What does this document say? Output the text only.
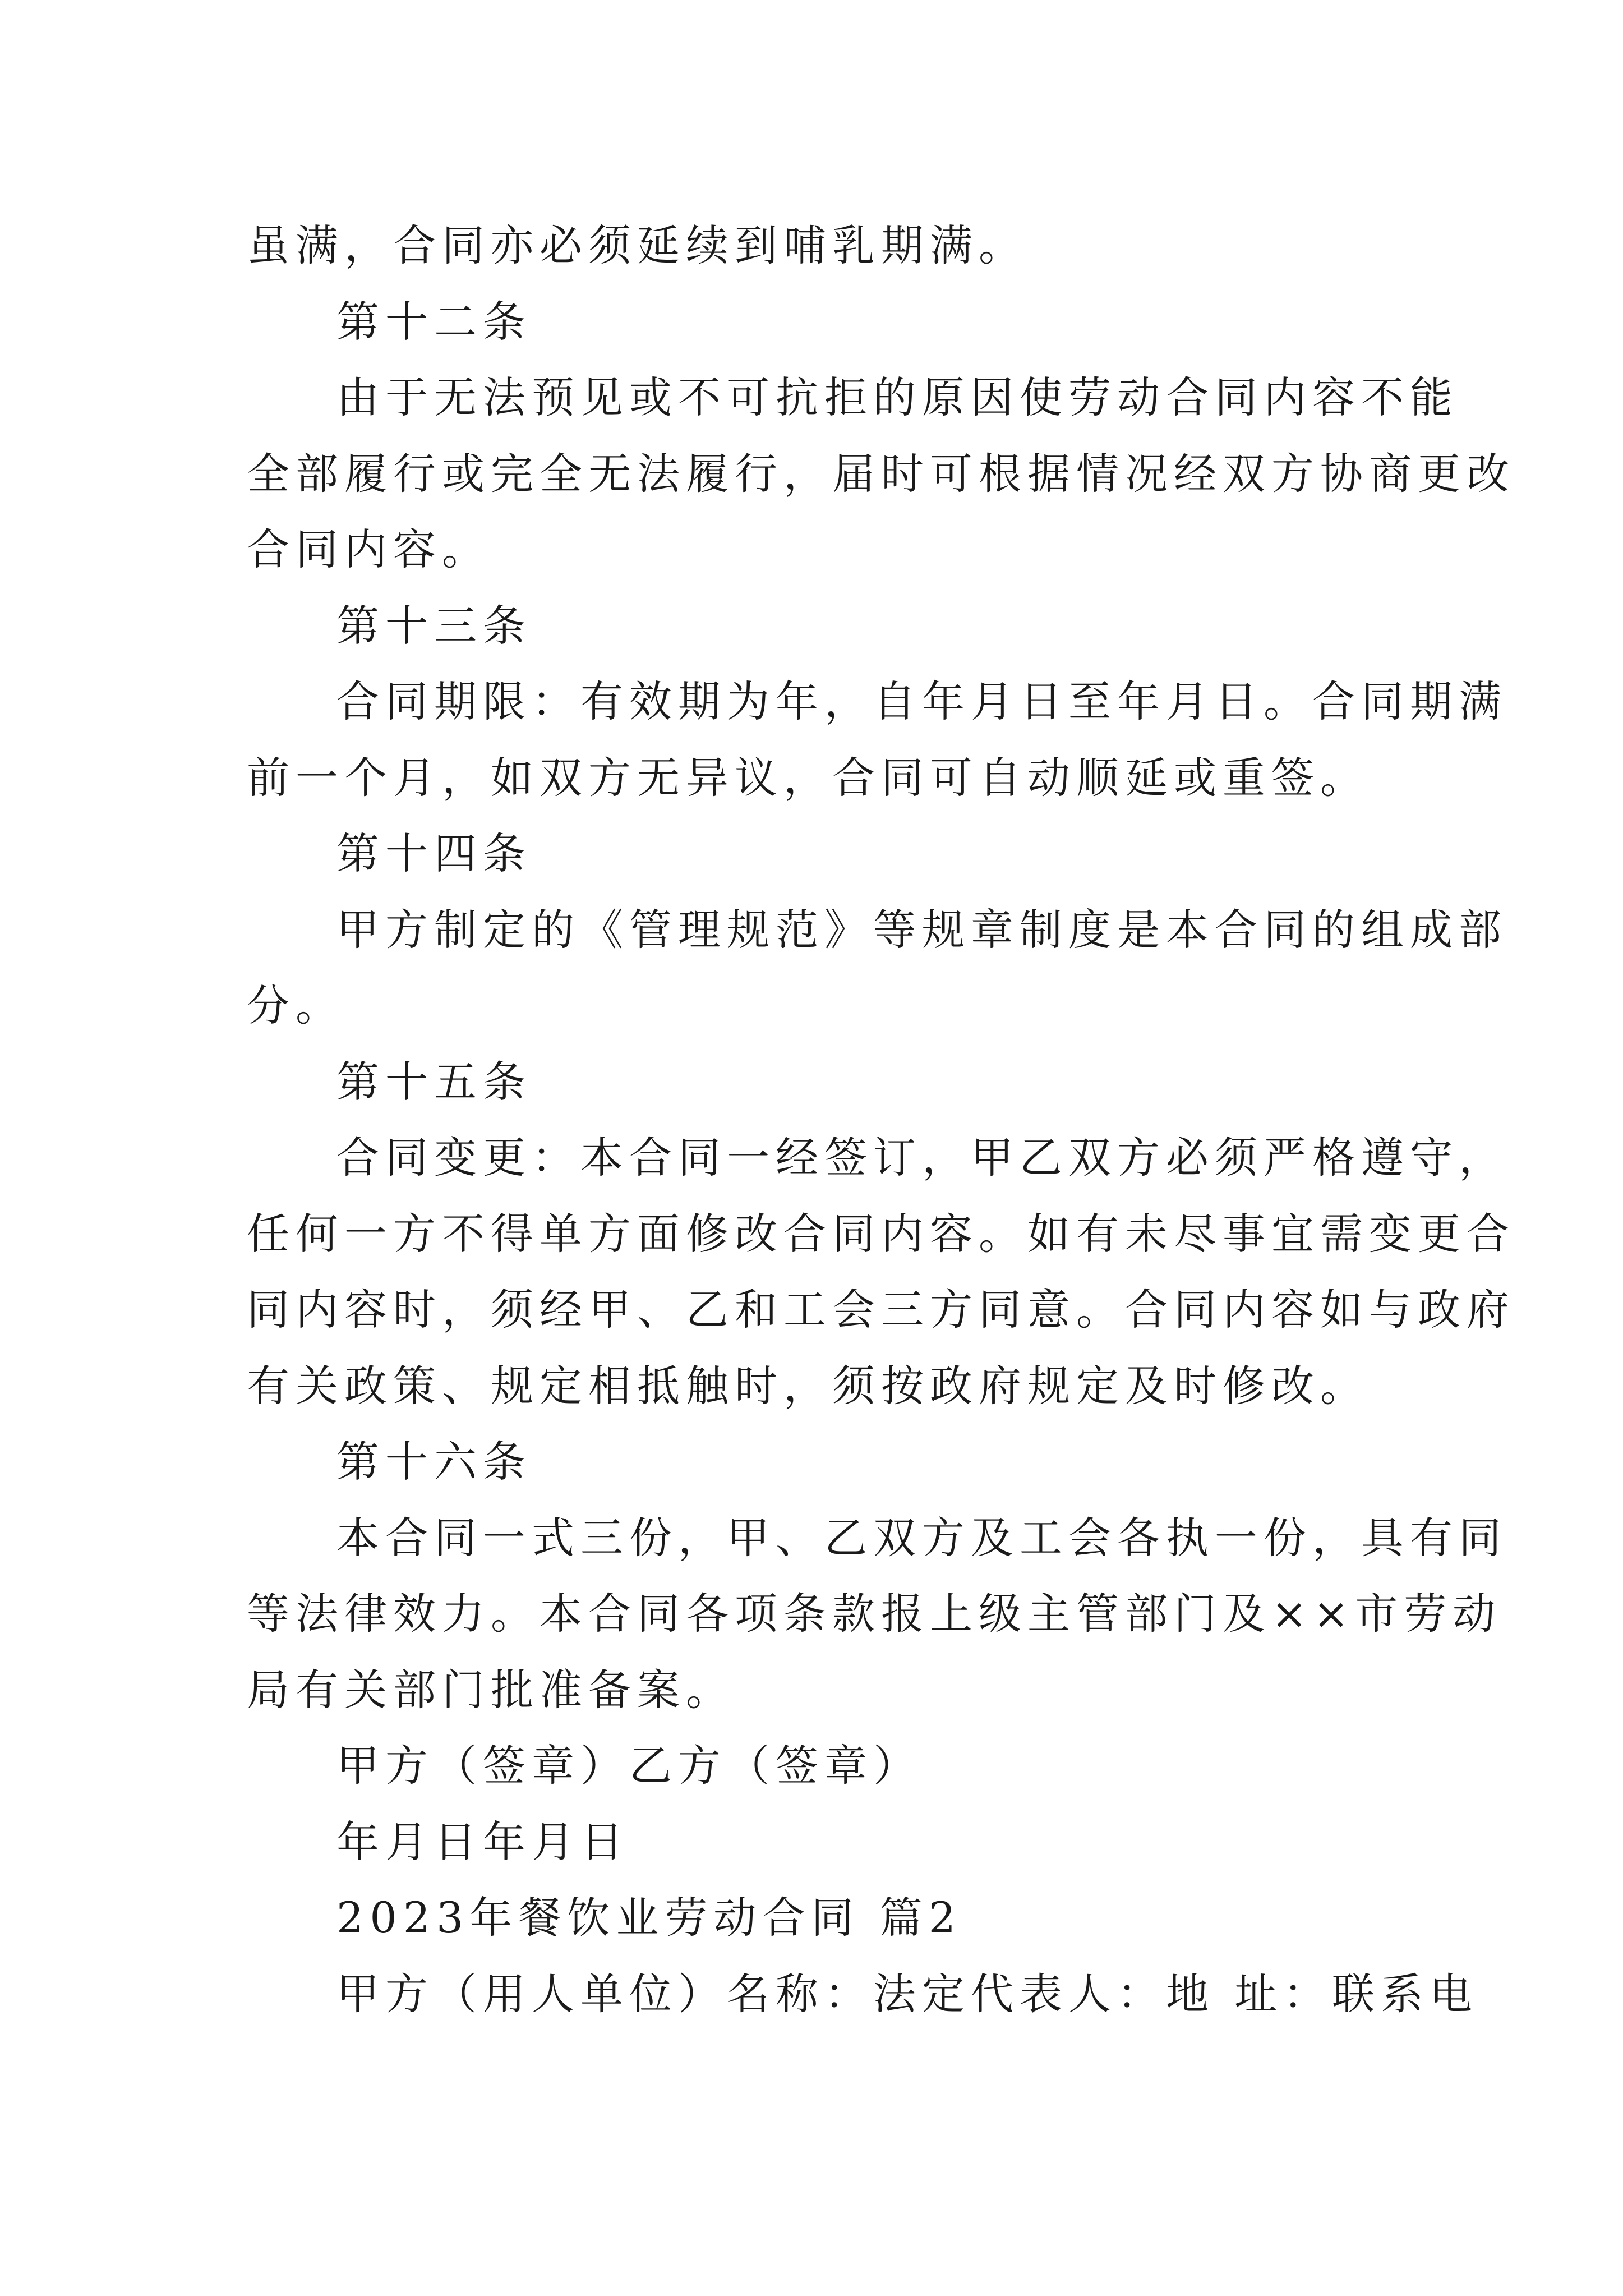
虽满，合同亦必须延续到哺乳期满。
第十二条
由于无法预见或不可抗拒的原因使劳动合同内容不能
全部履行或完全无法履行，届时可根据情况经双方协商更改
合同内容。
第十三条
合同期限：有效期为年，自年月日至年月日。合同期满
前一个月，如双方无异议，合同可自动顺延或重签。
第十四条
甲方制定的《管理规范》等规章制度是本合同的组成部
分。
第十五条
合同变更：本合同一经签订，甲乙双方必须严格遵守，
任何一方不得单方面修改合同内容。如有未尽事宜需变更合
同内容时，须经甲、乙和工会三方同意。合同内容如与政府
有关政策、规定相抵触时，须按政府规定及时修改。
第十六条
本合同一式三份，甲、乙双方及工会各执一份，具有同
等法律效力。本合同各项条款报上级主管部门及××市劳动
局有关部门批准备案。
甲方（签章）乙方（签章）
年月日年月日
2023年餐饮业劳动合同 篇2
甲方（用人单位）名称：法定代表人：地 址：联系电
